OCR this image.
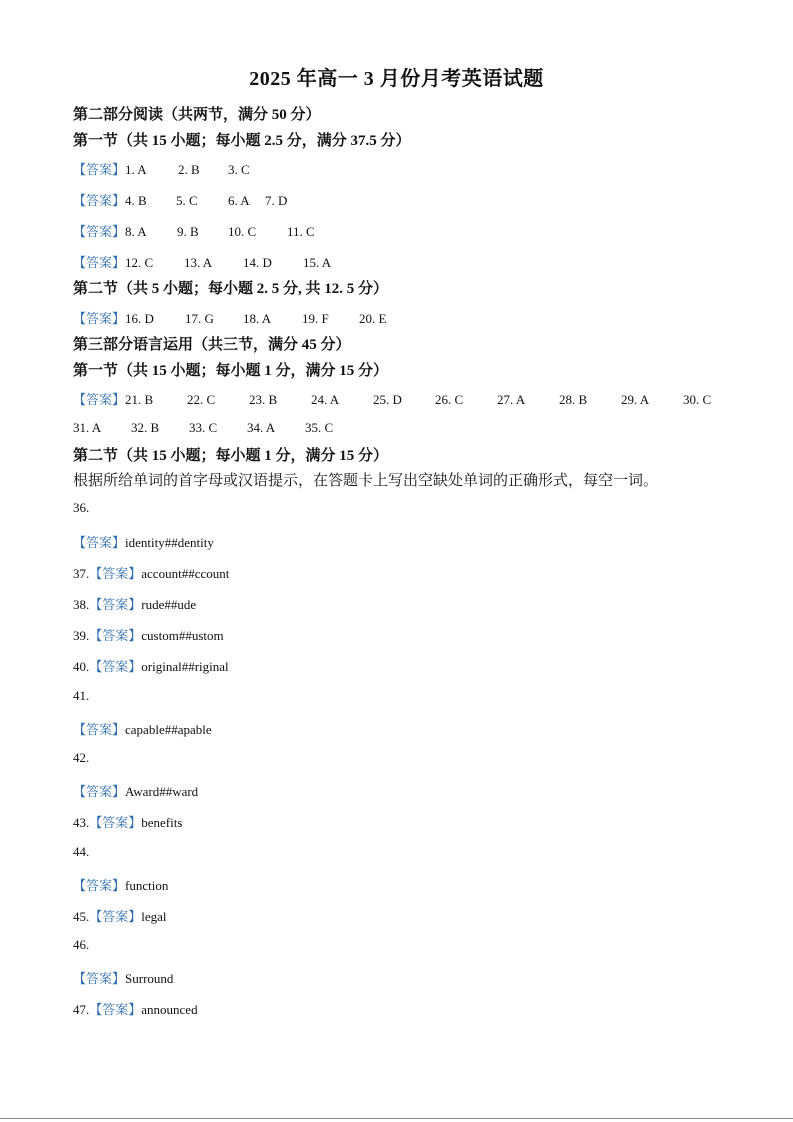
2025 年高一 3 月份月考英语试题
第二部分阅读（共两节，满分 50 分）
第一节（共 15 小题；每小题 2.5 分，满分 37.5 分）
【答案】1. A 2. B 3. C
【答案】4. B 5. C 6. A 7. D
【答案】8. A 9. B 10. C 11. C
【答案】12. C 13. A 14. D 15. A
第二节（共 5 小题；每小题 2. 5 分, 共 12. 5 分）
【答案】16. D 17. G 18. A 19. F 20. E
第三部分语言运用（共三节，满分 45 分）
第一节（共 15 小题；每小题 1 分，满分 15 分）
【答案】21. B	22. C	23. B	24. A	25. D	26. C	27. A	28. B	29. A	30. C
31. A 32. B 33. C 34. A 35. C
第二节（共 15 小题；每小题 1 分，满分 15 分）
根据所给单词的首字母或汉语提示，在答题卡上写出空缺处单词的正确形式，每空一词。
36.
【答案】identity##dentity
37.【答案】account##ccount
38.【答案】rude##ude
39.【答案】custom##ustom
40.【答案】original##riginal
41.
【答案】capable##apable
42.
【答案】Award##ward
43.【答案】benefits
44.
【答案】function
45.【答案】legal
46.
【答案】Surround
47.【答案】announced
